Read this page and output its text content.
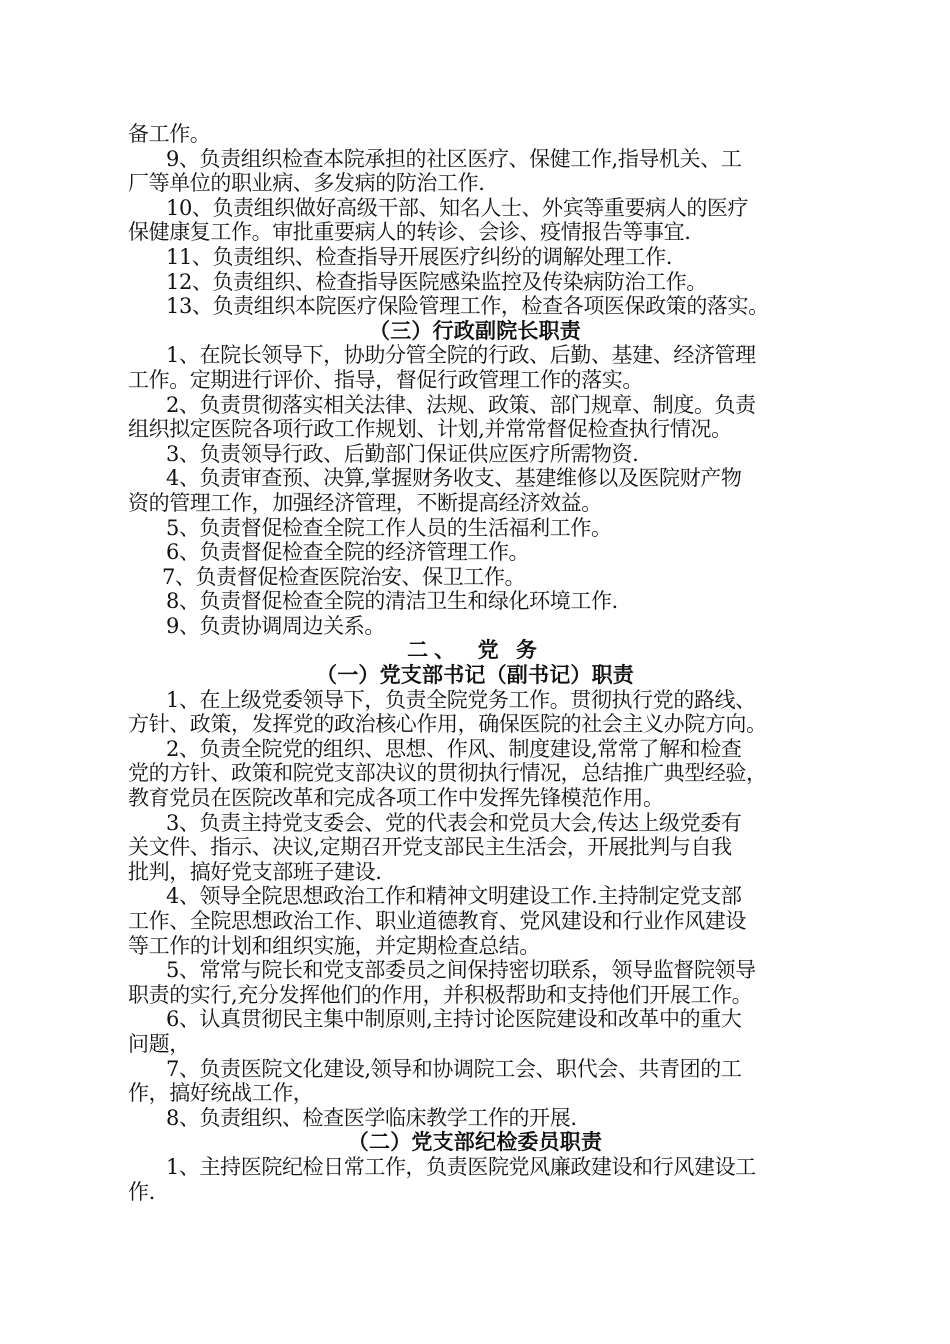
备工作。
9、负责组织检查本院承担的社区医疗、保健工作,指导机关、工
厂等单位的职业病、多发病的防治工作.
10、负责组织做好高级干部、知名人士、外宾等重要病人的医疗
保健康复工作。审批重要病人的转诊、会诊、疫情报告等事宜.
11、负责组织、检查指导开展医疗纠纷的调解处理工作.
12、负责组织、检查指导医院感染监控及传染病防治工作。
13、负责组织本院医疗保险管理工作，检查各项医保政策的落实。
（三）行政副院长职责
1、在院长领导下，协助分管全院的行政、后勤、基建、经济管理
工作。定期进行评价、指导，督促行政管理工作的落实。
2、负责贯彻落实相关法律、法规、政策、部门规章、制度。负责
组织拟定医院各项行政工作规划、计划,并常常督促检查执行情况。
3、负责领导行政、后勤部门保证供应医疗所需物资.
4、负责审查预、决算,掌握财务收支、基建维修以及医院财产物
资的管理工作，加强经济管理，不断提高经济效益。
5、负责督促检查全院工作人员的生活福利工作。
6、负责督促检查全院的经济管理工作。
7、负责督促检查医院治安、保卫工作。
8、负责督促检查全院的清洁卫生和绿化环境工作.
9、负责协调周边关系。
二、　党 务
（一）党支部书记（副书记）职责
1、在上级党委领导下，负责全院党务工作。贯彻执行党的路线、
方针、政策，发挥党的政治核心作用，确保医院的社会主义办院方向。
2、负责全院党的组织、思想、作风、制度建设,常常了解和检查
党的方针、政策和院党支部决议的贯彻执行情况，总结推广典型经验，
教育党员在医院改革和完成各项工作中发挥先锋模范作用。
3、负责主持党支委会、党的代表会和党员大会,传达上级党委有
关文件、指示、决议,定期召开党支部民主生活会，开展批判与自我
批判，搞好党支部班子建设.
4、领导全院思想政治工作和精神文明建设工作.主持制定党支部
工作、全院思想政治工作、职业道德教育、党风建设和行业作风建设
等工作的计划和组织实施，并定期检查总结。
5、常常与院长和党支部委员之间保持密切联系，领导监督院领导
职责的实行,充分发挥他们的作用，并积极帮助和支持他们开展工作。
6、认真贯彻民主集中制原则,主持讨论医院建设和改革中的重大
问题，
7、负责医院文化建设,领导和协调院工会、职代会、共青团的工
作，搞好统战工作，
8、负责组织、检查医学临床教学工作的开展.
（二）党支部纪检委员职责
1、主持医院纪检日常工作，负责医院党风廉政建设和行风建设工
作.
